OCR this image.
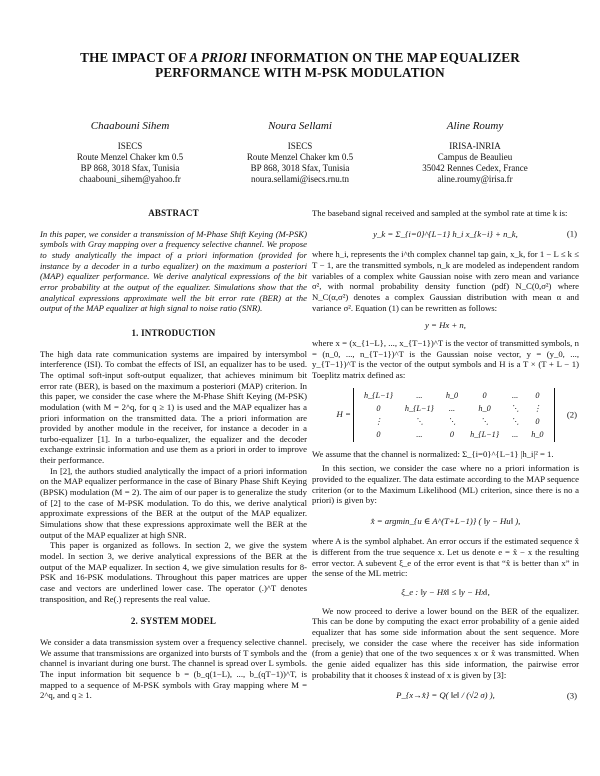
THE IMPACT OF A PRIORI INFORMATION ON THE MAP EQUALIZER
PERFORMANCE WITH M-PSK MODULATION
Chaabouni Sihem
ISECS
Route Menzel Chaker km 0.5
BP 868, 3018 Sfax, Tunisia
chaabouni_sihem@yahoo.fr
Noura Sellami
ISECS
Route Menzel Chaker km 0.5
BP 868, 3018 Sfax, Tunisia
noura.sellami@isecs.rnu.tn
Aline Roumy
IRISA-INRIA
Campus de Beaulieu
35042 Rennes Cedex, France
aline.roumy@irisa.fr
ABSTRACT

In this paper, we consider a transmission of M-Phase Shift Keying (M-PSK) symbols with Gray mapping over a frequency selective channel. We propose to study analytically the impact of a priori information (provided for instance by a decoder in a turbo equalizer) on the maximum a posteriori (MAP) equalizer performance. We derive analytical expressions of the bit error probability at the output of the equalizer. Simulations show that the analytical expressions approximate well the bit error rate (BER) at the output of the MAP equalizer at high signal to noise ratio (SNR).

1. INTRODUCTION

The high data rate communication systems are impaired by intersymbol interference (ISI). To combat the effects of ISI, an equalizer has to be used. The optimal soft-input soft-output equalizer, that achieves minimum bit error rate (BER), is based on the maximum a posteriori (MAP) criterion. In this paper, we consider the case where the M-Phase Shift Keying (M-PSK) modulation (with M = 2^q, for q ≥ 1) is used and the MAP equalizer has a priori information on the transmitted data. The a priori information are provided by another module in the receiver, for instance a decoder in a turbo-equalizer [1]. In a turbo-equalizer, the equalizer and the decoder exchange extrinsic information and use them as a priori in order to improve their performance.

In [2], the authors studied analytically the impact of a priori information on the MAP equalizer performance in the case of Binary Phase Shift Keying (BPSK) modulation (M = 2). The aim of our paper is to generalize the study of [2] to the case of M-PSK modulation. To do this, we derive analytical approximate expressions of the BER at the output of the MAP equalizer. Simulations show that these expressions approximate well the BER at the output of the MAP equalizer at high SNR.

This paper is organized as follows. In section 2, we give the system model. In section 3, we derive analytical expressions of the BER at the output of the MAP equalizer. In section 4, we give simulation results for 8-PSK and 16-PSK modulations. Throughout this paper matrices are upper case and vectors are underlined lower case. The operator (.)^T denotes transposition, and Re(.) represents the real value.

2. SYSTEM MODEL

We consider a data transmission system over a frequency selective channel. We assume that transmissions are organized into bursts of T symbols and the channel is invariant during one burst. The channel is spread over L symbols. The input information bit sequence b = (b_q(1−L), ..., b_(qT−1))^T, is mapped to a sequence of M-PSK symbols with Gray mapping where M = 2^q, and q ≥ 1.

The baseband signal received and sampled at the symbol rate at time k is:

y_k = Σ_{i=0}^{L−1} h_i x_{k−i} + n_k,	(1)

where h_i, represents the i^th complex channel tap gain, x_k, for 1 − L ≤ k ≤ T − 1, are the transmitted symbols, n_k are modeled as independent random variables of a complex white Gaussian noise with zero mean and variance σ², with normal probability density function (pdf) N_C(0,σ²) where N_C(α,σ²) denotes a complex Gaussian distribution with mean α and variance σ². Equation (1) can be rewritten as follows:

y = Hx + n,

where x = (x_{1−L}, ..., x_{T−1})^T is the vector of transmitted symbols, n = (n_0, ..., n_{T−1})^T is the Gaussian noise vector, y = (y_0, ..., y_{T−1})^T is the vector of the output symbols and H is a T × (T + L − 1) Toeplitz matrix defined as:

H =
h_{L−1}	...	h_0	0	...	0
0	h_{L−1}	...	h_0	⋱	⋮
⋮	⋱	⋱	⋱	⋱	0
0	...	0	h_{L−1}	...	h_0
(2)

We assume that the channel is normalized: Σ_{i=0}^{L−1} |h_i|² = 1.

In this section, we consider the case where no a priori information is provided to the equalizer. The data estimate according to the MAP sequence criterion (or to the Maximum Likelihood (ML) criterion, since there is no a priori) is given by:

x̂ = argmin_{u ∈ A^(T+L−1)} ( ‖y − Hu‖ ),

where A is the symbol alphabet. An error occurs if the estimated sequence x̂ is different from the true sequence x. Let us denote e = x̂ − x the resulting error vector. A subevent ξ_e of the error event is that “x̂ is better than x” in the sense of the ML metric:

ξ_e : ‖y − Hx̂‖ ≤ ‖y − Hx‖,

We now proceed to derive a lower bound on the BER of the equalizer. This can be done by computing the exact error probability of a genie aided equalizer that has some side information about the sent sequence. More precisely, we consider the case where the receiver has side information (from a genie) that one of the two sequences x or x̂ was transmitted. When the genie aided equalizer has this side information, the pairwise error probability that it chooses x̂ instead of x is given by [3]:

P_{x→x̂} = Q( ‖e‖ / (√2 σ) ),	(3)
